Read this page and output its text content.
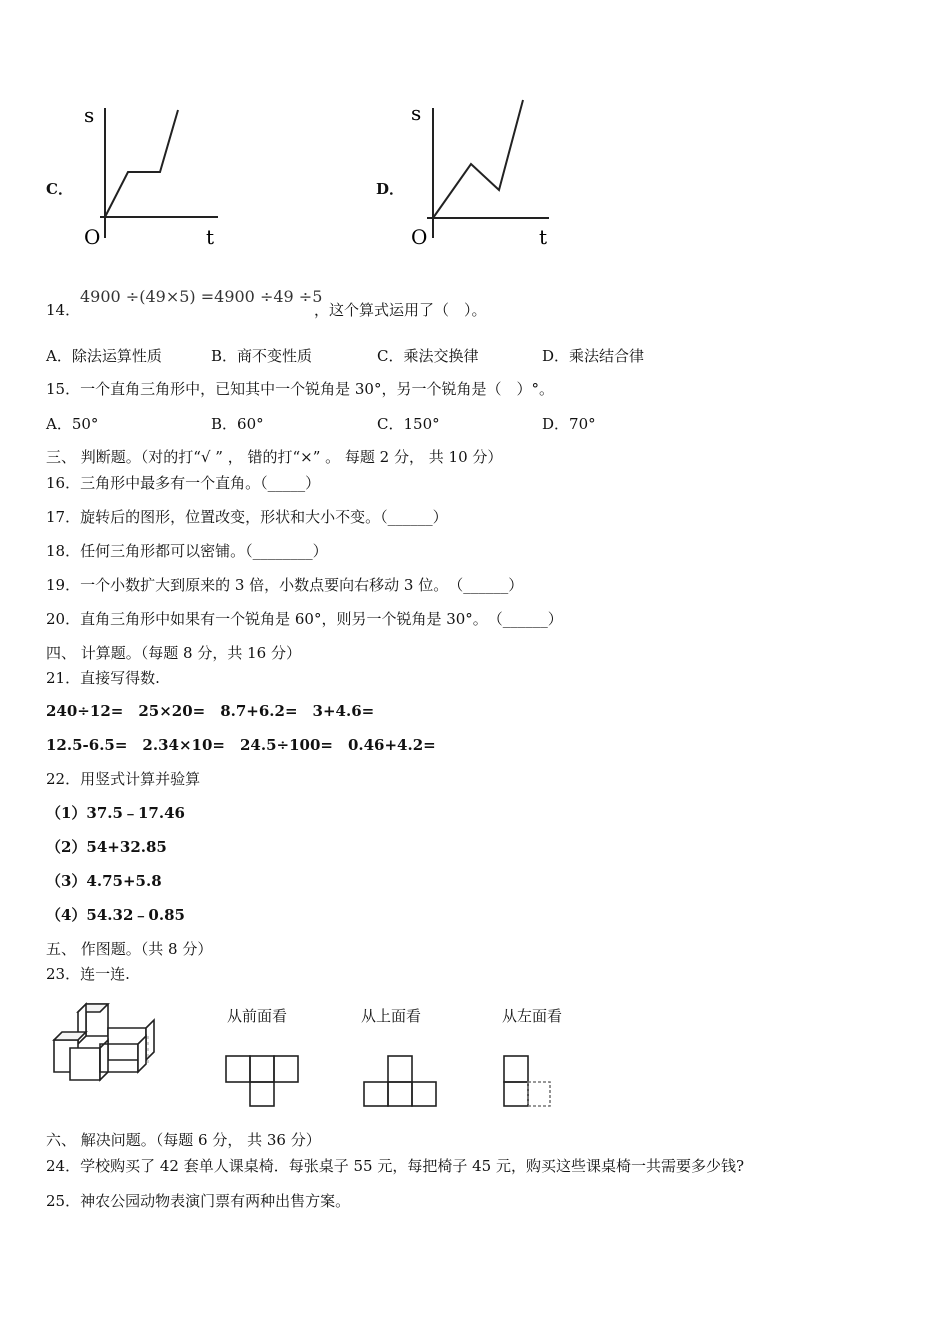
C．
s
O	t
D．
s
O	t
14．
4900 ÷(49×5) =4900 ÷49 ÷5
，这个算式运用了（　）。
A．除法运算性质	B．商不变性质	C．乘法交换律	D．乘法结合律
15．一个直角三角形中，已知其中一个锐角是 30°，另一个锐角是（　）°。
A．50°	B．60°	C．150°	D．70°
三、 判断题。（对的打“√ ” ， 错的打“×” 。 每题 2 分， 共 10 分）
16．三角形中最多有一个直角。（_____）
17．旋转后的图形，位置改变，形状和大小不变。（______）
18．任何三角形都可以密铺。（________）
19．一个小数扩大到原来的 3 倍，小数点要向右移动 3 位。　（______）
20．直角三角形中如果有一个锐角是 60°，则另一个锐角是 30°。　（______）
四、 计算题。（每题 8 分，共 16 分）
21．直接写得数.
240÷12=　25×20=　8.7+6.2=　3+4.6=
12.5-6.5=　2.34×10=　24.5÷100=　0.46+4.2=
22．用竖式计算并验算
（1）37.5﹣17.46
（2）54+32.85
（3）4.75+5.8
（4）54.32﹣0.85
五、 作图题。（共 8 分）
23．连一连.
从前面看	从上面看	从左面看
六、 解决问题。（每题 6 分， 共 36 分）
24．学校购买了 42 套单人课桌椅．每张桌子 55 元，每把椅子 45 元，购买这些课桌椅一共需要多少钱?
25．神农公园动物表演门票有两种出售方案。
